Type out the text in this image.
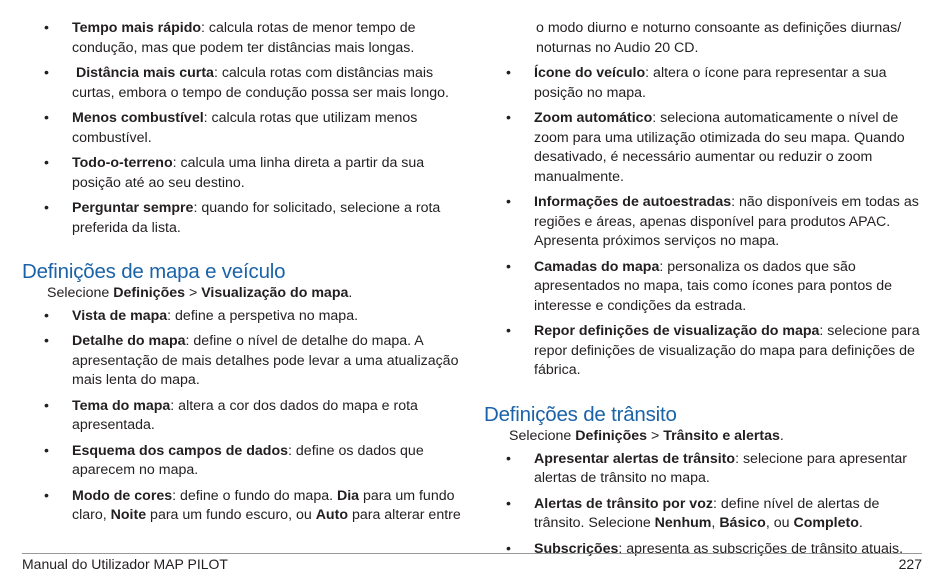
• Tempo mais rápido: calcula rotas de menor tempo de condução, mas que podem ter distâncias mais longas.
• Distância mais curta: calcula rotas com distâncias mais curtas, embora o tempo de condução possa ser mais longo.
• Menos combustível: calcula rotas que utilizam menos combustível.
• Todo-o-terreno: calcula uma linha direta a partir da sua posição até ao seu destino.
• Perguntar sempre: quando for solicitado, selecione a rota preferida da lista.
Definições de mapa e veículo

Selecione Definições > Visualização do mapa.

• Vista de mapa: define a perspetiva no mapa.
• Detalhe do mapa: define o nível de detalhe do mapa. A apresentação de mais detalhes pode levar a uma atualização mais lenta do mapa.
• Tema do mapa: altera a cor dos dados do mapa e rota apresentada.
• Esquema dos campos de dados: define os dados que aparecem no mapa.
• Modo de cores: define o fundo do mapa. Dia para um fundo claro, Noite para um fundo escuro, ou Auto para alterar entre
o modo diurno e noturno consoante as definições diurnas/ noturnas no Audio 20 CD.
• Ícone do veículo: altera o ícone para representar a sua posição no mapa.
• Zoom automático: seleciona automaticamente o nível de zoom para uma utilização otimizada do seu mapa. Quando desativado, é necessário aumentar ou reduzir o zoom manualmente.
• Informações de autoestradas: não disponíveis em todas as regiões e áreas, apenas disponível para produtos APAC. Apresenta próximos serviços no mapa.
• Camadas do mapa: personaliza os dados que são apresentados no mapa, tais como ícones para pontos de interesse e condições da estrada.
• Repor definições de visualização do mapa: selecione para repor definições de visualização do mapa para definições de fábrica.
Definições de trânsito

Selecione Definições > Trânsito e alertas.

• Apresentar alertas de trânsito: selecione para apresentar alertas de trânsito no mapa.
• Alertas de trânsito por voz: define nível de alertas de trânsito. Selecione Nenhum, Básico, ou Completo.
• Subscrições: apresenta as subscrições de trânsito atuais.
Manual do Utilizador MAP PILOT	227
